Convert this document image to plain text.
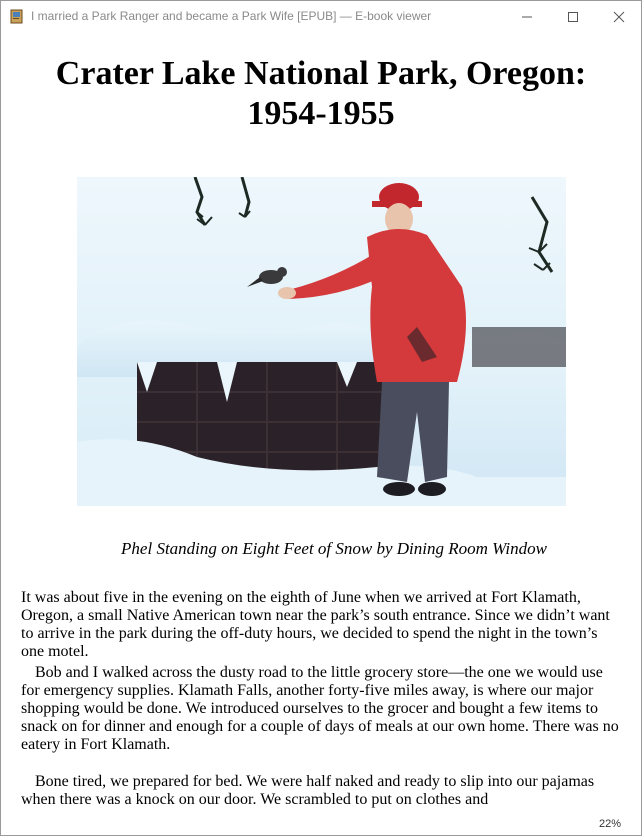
I married a Park Ranger and became a Park Wife [EPUB] — E-book viewer
Crater Lake National Park, Oregon:
1954-1955
Phel Standing on Eight Feet of Snow by Dining Room Window

It was about five in the evening on the eighth of June when we arrived at Fort Klamath, Oregon, a small Native American town near the park’s south entrance. Since we didn’t want to arrive in the park during the off-duty hours, we decided to spend the night in the town’s one motel.

Bob and I walked across the dusty road to the little grocery store—the one we would use for emergency supplies. Klamath Falls, another forty-five miles away, is where our major shopping would be done. We introduced ourselves to the grocer and bought a few items to snack on for dinner and enough for a couple of days of meals at our own home. There was no eatery in Fort Klamath.

Bone tired, we prepared for bed. We were half naked and ready to slip into our pajamas when there was a knock on our door. We scrambled to put on clothes and

22%
